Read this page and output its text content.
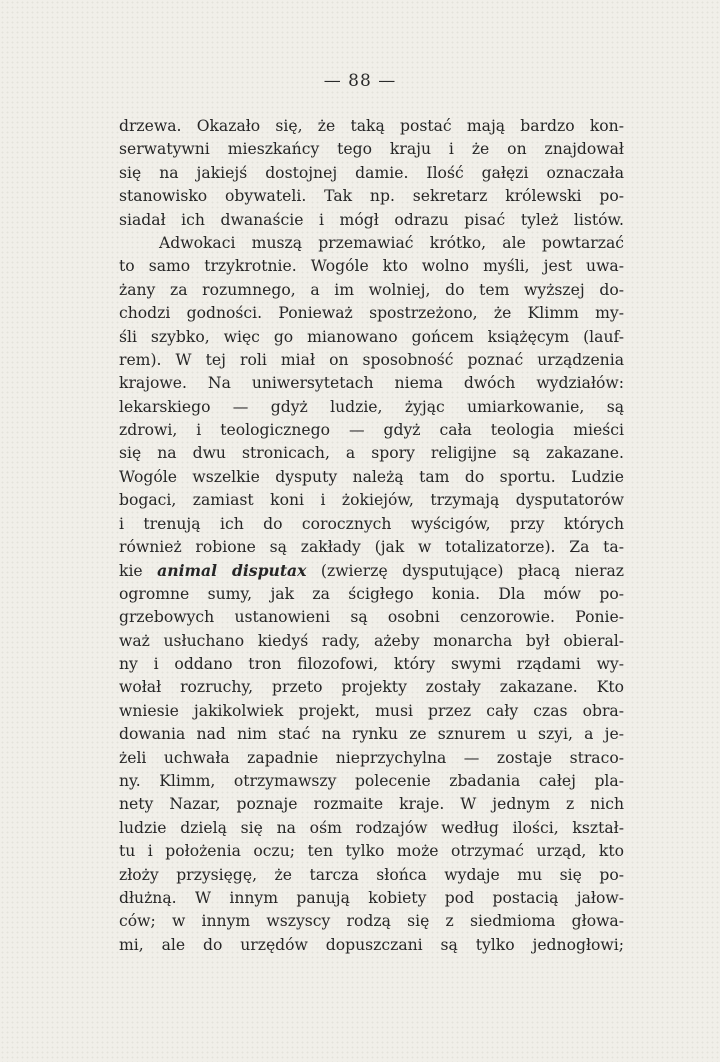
— 88 —
drzewa. Okazało się, że taką postać mają bardzo kon-
serwatywni mieszkańcy tego kraju i że on znajdował
się na jakiejś dostojnej damie. Ilość gałęzi oznaczała
stanowisko obywateli. Tak np. sekretarz królewski po-
siadał ich dwanaście i mógł odrazu pisać tyleż listów.
Adwokaci muszą przemawiać krótko, ale powtarzać
to samo trzykrotnie. Wogóle kto wolno myśli, jest uwa-
żany za rozumnego, a im wolniej, do tem wyższej do-
chodzi godności. Ponieważ spostrzeżono, że Klimm my-
śli szybko, więc go mianowano gońcem książęcym (lauf-
rem). W tej roli miał on sposobność poznać urządzenia
krajowe. Na uniwersytetach niema dwóch wydziałów:
lekarskiego — gdyż ludzie, żyjąc umiarkowanie, są
zdrowi, i teologicznego — gdyż cała teologia mieści
się na dwu stronicach, a spory religijne są zakazane.
Wogóle wszelkie dysputy należą tam do sportu. Ludzie
bogaci, zamiast koni i żokiejów, trzymają dysputatorów
i trenują ich do corocznych wyścigów, przy których
również robione są zakłady (jak w totalizatorze). Za ta-
kie animal disputax (zwierzę dysputujące) płacą nieraz
ogromne sumy, jak za ścigłego konia. Dla mów po-
grzebowych ustanowieni są osobni cenzorowie. Ponie-
waż usłuchano kiedyś rady, ażeby monarcha był obieral-
ny i oddano tron filozofowi, który swymi rządami wy-
wołał rozruchy, przeto projekty zostały zakazane. Kto
wniesie jakikolwiek projekt, musi przez cały czas obra-
dowania nad nim stać na rynku ze sznurem u szyi, a je-
żeli uchwała zapadnie nieprzychylna — zostaje straco-
ny. Klimm, otrzymawszy polecenie zbadania całej pla-
nety Nazar, poznaje rozmaite kraje. W jednym z nich
ludzie dzielą się na ośm rodzajów według ilości, kształ-
tu i położenia oczu; ten tylko może otrzymać urząd, kto
złoży przysięgę, że tarcza słońca wydaje mu się po-
dłużną. W innym panują kobiety pod postacią jałow-
ców; w innym wszyscy rodzą się z siedmioma głowa-
mi, ale do urzędów dopuszczani są tylko jednogłowi;
